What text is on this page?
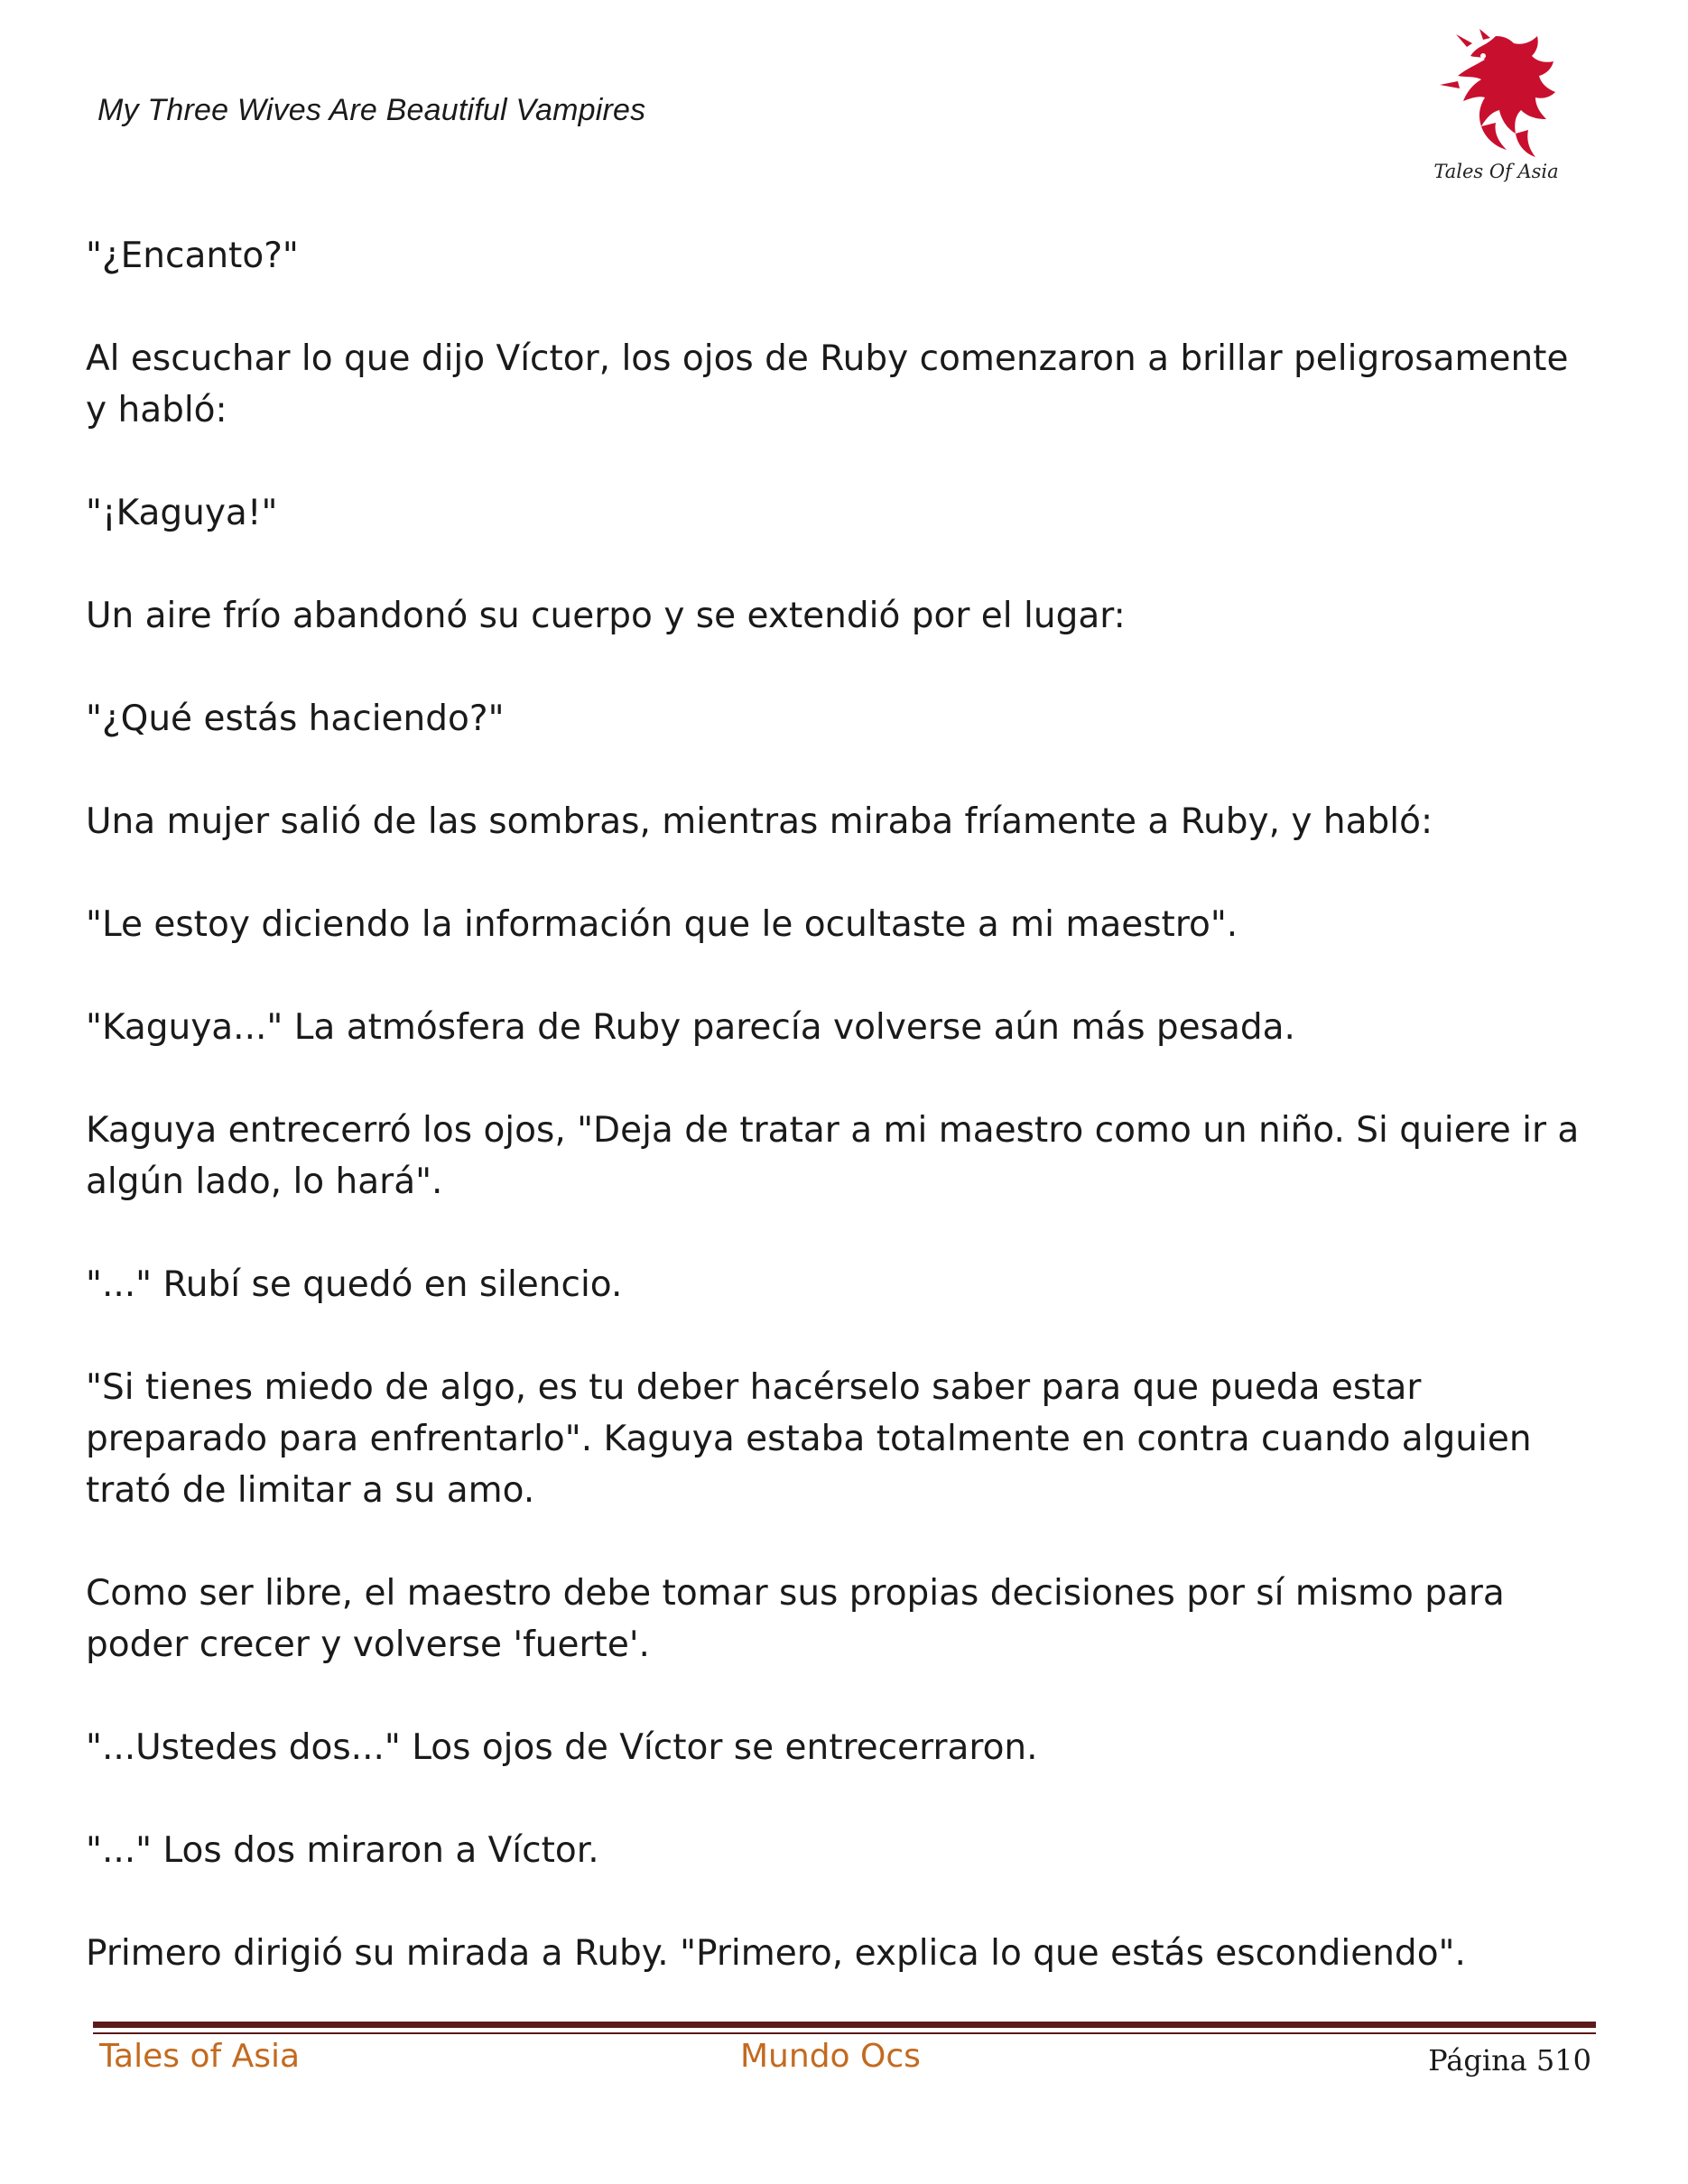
My Three Wives Are Beautiful Vampires
Tales Of Asia

"¿Encanto?"

Al escuchar lo que dijo Víctor, los ojos de Ruby comenzaron a brillar peligrosamente y habló:

"¡Kaguya!"

Un aire frío abandonó su cuerpo y se extendió por el lugar:

"¿Qué estás haciendo?"

Una mujer salió de las sombras, mientras miraba fríamente a Ruby, y habló:

"Le estoy diciendo la información que le ocultaste a mi maestro".

"Kaguya..." La atmósfera de Ruby parecía volverse aún más pesada.

Kaguya entrecerró los ojos, "Deja de tratar a mi maestro como un niño. Si quiere ir a algún lado, lo hará".

"..." Rubí se quedó en silencio.

"Si tienes miedo de algo, es tu deber hacérselo saber para que pueda estar preparado para enfrentarlo". Kaguya estaba totalmente en contra cuando alguien trató de limitar a su amo.

Como ser libre, el maestro debe tomar sus propias decisiones por sí mismo para poder crecer y volverse 'fuerte'.

"...Ustedes dos..." Los ojos de Víctor se entrecerraron.

"..." Los dos miraron a Víctor.

Primero dirigió su mirada a Ruby. "Primero, explica lo que estás escondiendo".

Tales of Asia	Mundo Ocs	Página 510
